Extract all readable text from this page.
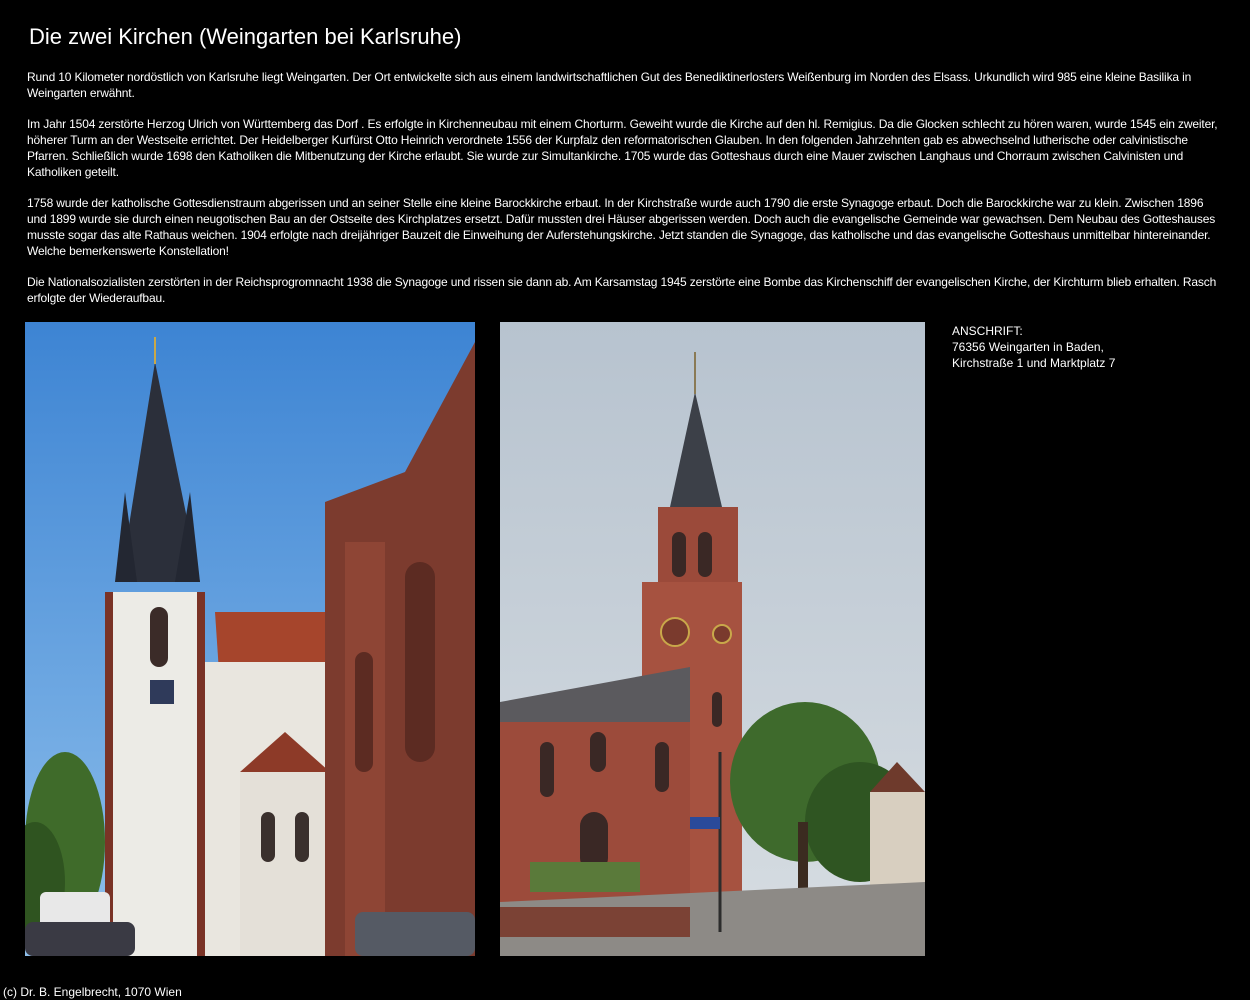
Die zwei Kirchen (Weingarten bei Karlsruhe)

Rund 10 Kilometer nordöstlich von Karlsruhe liegt Weingarten. Der Ort entwickelte sich aus einem landwirtschaftlichen Gut des Benediktinerlosters Weißenburg im Norden des Elsass. Urkundlich wird 985 eine kleine Basilika in Weingarten erwähnt.

Im Jahr 1504 zerstörte Herzog Ulrich von Württemberg das Dorf . Es erfolgte in Kirchenneubau mit einem Chorturm. Geweiht wurde die Kirche auf den hl. Remigius. Da die Glocken schlecht zu hören waren, wurde 1545 ein zweiter, höherer Turm an der Westseite errichtet. Der Heidelberger Kurfürst Otto Heinrich verordnete 1556 der Kurpfalz den reformatorischen Glauben. In den folgenden Jahrzehnten gab es abwechselnd lutherische oder calvinistische Pfarren. Schließlich wurde 1698 den Katholiken die Mitbenutzung der Kirche erlaubt. Sie wurde zur Simultankirche. 1705 wurde das Gotteshaus durch eine Mauer zwischen Langhaus und Chorraum zwischen Calvinisten und Katholiken geteilt.

1758 wurde der katholische Gottesdienstraum abgerissen und an seiner Stelle eine kleine Barockkirche erbaut. In der Kirchstraße wurde auch 1790 die erste Synagoge erbaut. Doch die Barockkirche war zu klein. Zwischen 1896 und 1899 wurde sie durch einen neugotischen Bau an der Ostseite des Kirchplatzes ersetzt. Dafür mussten drei Häuser abgerissen werden. Doch auch die evangelische Gemeinde war gewachsen. Dem Neubau des Gotteshauses musste sogar das alte Rathaus weichen. 1904 erfolgte nach dreijähriger Bauzeit die Einweihung der Auferstehungskirche. Jetzt standen die Synagoge, das katholische und das evangelische Gotteshaus unmittelbar hintereinander. Welche bemerkenswerte Konstellation!

Die Nationalsozialisten zerstörten in der Reichsprogromnacht 1938 die Synagoge und rissen sie dann ab. Am Karsamstag 1945 zerstörte eine Bombe das Kirchenschiff der evangelischen Kirche, der Kirchturm blieb erhalten. Rasch erfolgte der Wiederaufbau.

ANSCHRIFT:
76356 Weingarten in Baden,
Kirchstraße 1 und Marktplatz 7
(c) Dr. B. Engelbrecht, 1070 Wien
